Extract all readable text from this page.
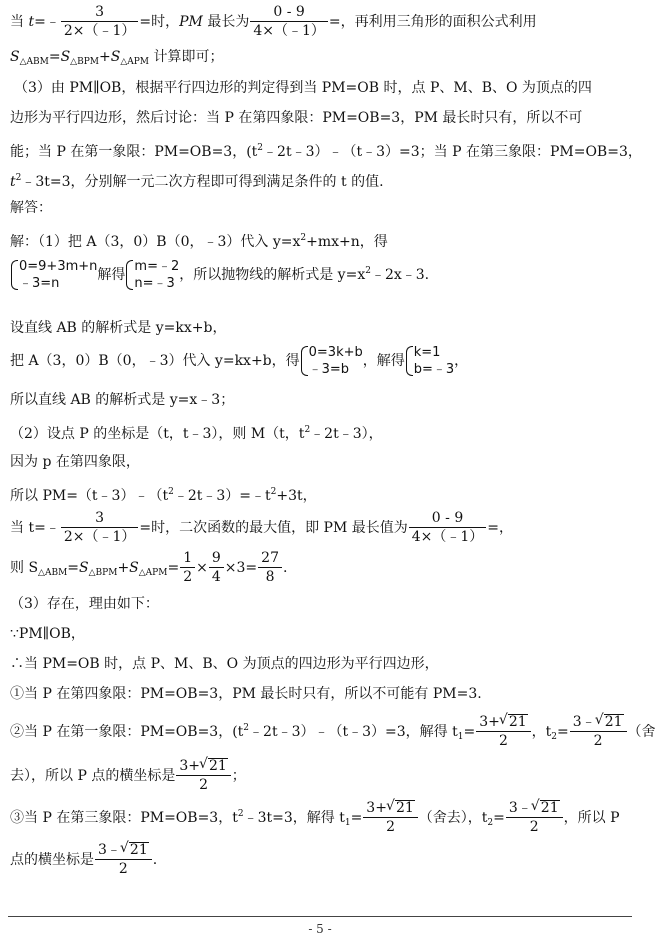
当 t=﹣ $\frac{3}{2\times(﹣1)}$ =时，PM 最长为 $\frac{0 - 9}{4\times(﹣1)}$ =，再利用三角形的面积公式利用
$S_{\triangle ABM}=S_{\triangle BPM}+S_{\triangle APM}$ 计算即可；
（3）由 PM∥OB，根据平行四边形的判定得到当 PM=OB 时，点 P、M、B、O 为顶点的四
边形为平行四边形，然后讨论：当 P 在第四象限：PM=OB=3，PM 最长时只有，所以不可
能；当 P 在第一象限：PM=OB=3，$(t^2﹣2t﹣3)﹣(t﹣3)=3$；当 P 在第三象限：PM=OB=3，
$t^2﹣3t=3$，分别解一元二次方程即可得到满足条件的 t 的值.
解答：
解：（1）把 A（3，0）B（0，﹣3）代入 $y=x^2+mx+n$，得
0=9+3m+n
﹣3=n
解得
m=﹣2
n=﹣3
，所以抛物线的解析式是 $y=x^2﹣2x﹣3$.
设直线 AB 的解析式是 y=kx+b，
把 A（3，0）B（0，﹣3）代入 y=kx+b，得
0=3k+b
﹣3=b
，解得
k=1
b=﹣3
，
所以直线 AB 的解析式是 y=x﹣3；
（2）设点 P 的坐标是（t，t﹣3），则 M（t，$t^2﹣2t﹣3$），
因为 p 在第四象限，
所以 $PM=(t﹣3)﹣(t^2﹣2t﹣3)=﹣t^2+3t$，
当 t=﹣ $\frac{3}{2\times(﹣1)}$ =时，二次函数的最大值，即 PM 最长值为 $\frac{0 - 9}{4\times(﹣1)}$ =，
则 $S_{\triangle ABM}=S_{\triangle BPM}+S_{\triangle APM}= \frac{1}{2} \times \frac{9}{4} \times 3= \frac{27}{8}$ .
（3）存在，理由如下：
∵PM∥OB，
∴当 PM=OB 时，点 P、M、B、O 为顶点的四边形为平行四边形，
①当 P 在第四象限：PM=OB=3，PM 最长时只有，所以不可能有 PM=3.
②当 P 在第一象限：PM=OB=3，$(t^2﹣2t﹣3)﹣(t﹣3)=3$，解得 $t_1= \frac{3+ √ 21}{2}$ ，$t_2= \frac{3﹣ √ 21}{2}$ （舍
去），所以 P 点的横坐标是 $\frac{3+ √ 21}{2}$ ；
③当 P 在第三象限：PM=OB=3，$t^2﹣3t=3$，解得 $t_1= \frac{3+ √ 21}{2}$ （舍去），$t_2= \frac{3﹣ √ 21}{2}$ ，所以 P
点的横坐标是 $\frac{3﹣ √ 21}{2}$ .
- 5 -
